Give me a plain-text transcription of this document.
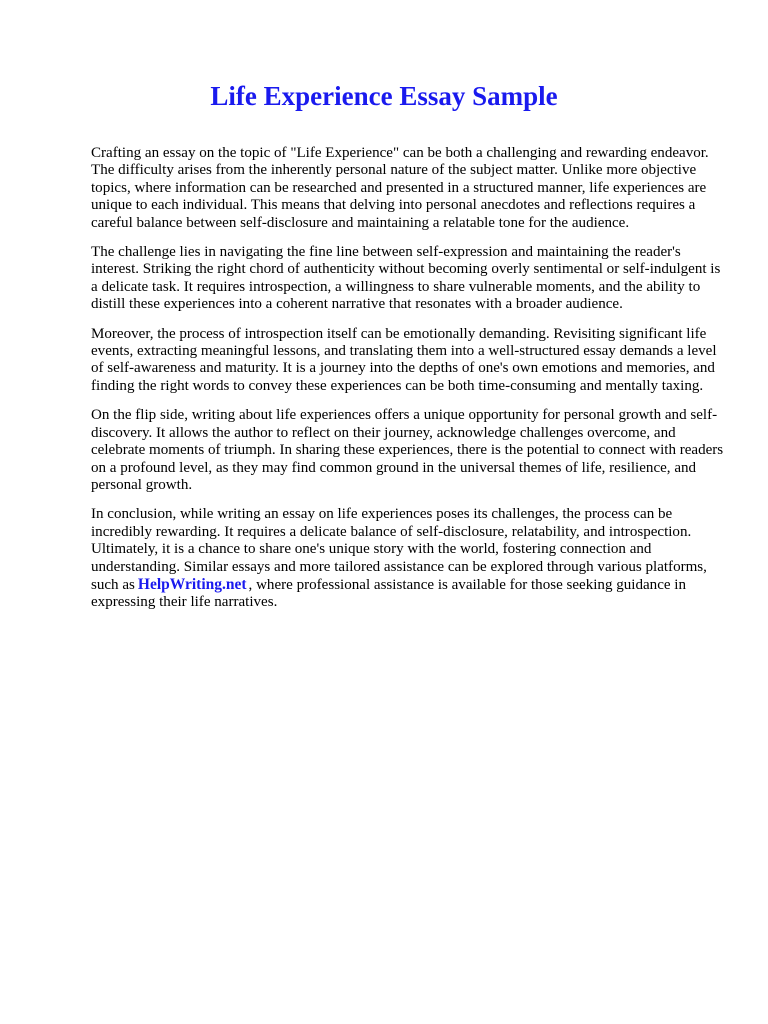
Life Experience Essay Sample

Crafting an essay on the topic of "Life Experience" can be both a challenging and rewarding endeavor. The difficulty arises from the inherently personal nature of the subject matter. Unlike more objective topics, where information can be researched and presented in a structured manner, life experiences are unique to each individual. This means that delving into personal anecdotes and reflections requires a careful balance between self-disclosure and maintaining a relatable tone for the audience.

The challenge lies in navigating the fine line between self-expression and maintaining the reader's interest. Striking the right chord of authenticity without becoming overly sentimental or self-indulgent is a delicate task. It requires introspection, a willingness to share vulnerable moments, and the ability to distill these experiences into a coherent narrative that resonates with a broader audience.

Moreover, the process of introspection itself can be emotionally demanding. Revisiting significant life events, extracting meaningful lessons, and translating them into a well-structured essay demands a level of self-awareness and maturity. It is a journey into the depths of one's own emotions and memories, and finding the right words to convey these experiences can be both time-consuming and mentally taxing.

On the flip side, writing about life experiences offers a unique opportunity for personal growth and self-discovery. It allows the author to reflect on their journey, acknowledge challenges overcome, and celebrate moments of triumph. In sharing these experiences, there is the potential to connect with readers on a profound level, as they may find common ground in the universal themes of life, resilience, and personal growth.

In conclusion, while writing an essay on life experiences poses its challenges, the process can be incredibly rewarding. It requires a delicate balance of self-disclosure, relatability, and introspection. Ultimately, it is a chance to share one's unique story with the world, fostering connection and understanding. Similar essays and more tailored assistance can be explored through various platforms, such as HelpWriting.net , where professional assistance is available for those seeking guidance in expressing their life narratives.
